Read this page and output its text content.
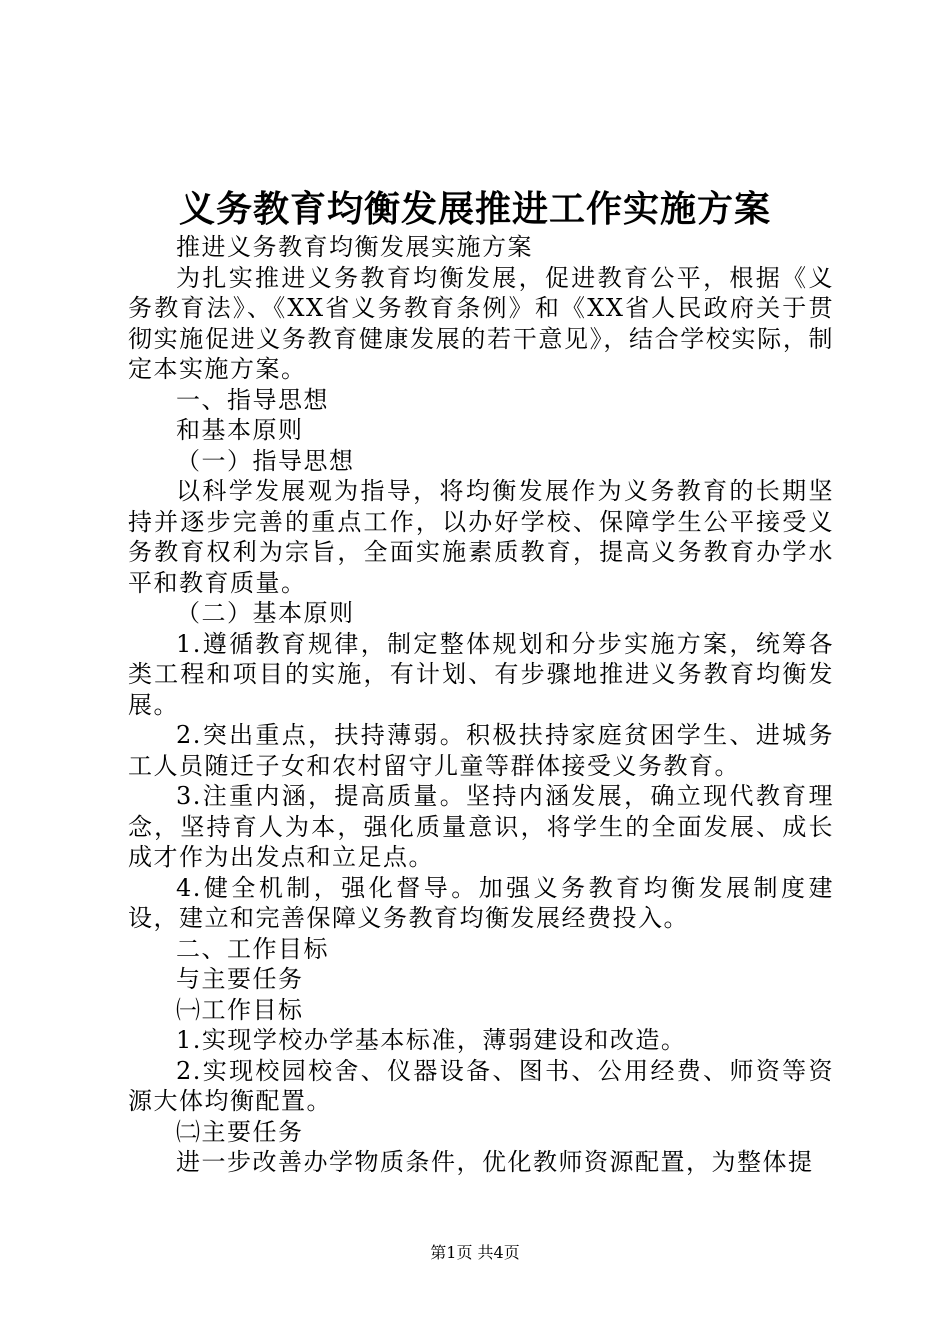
义务教育均衡发展推进工作实施方案

推进义务教育均衡发展实施方案

为扎实推进义务教育均衡发展，促进教育公平，根据《义务教育法》、《XX省义务教育条例》和《XX省人民政府关于贯彻实施促进义务教育健康发展的若干意见》，结合学校实际，制定本实施方案。

一、指导思想

和基本原则

（一）指导思想

以科学发展观为指导，将均衡发展作为义务教育的长期坚持并逐步完善的重点工作，以办好学校、保障学生公平接受义务教育权利为宗旨，全面实施素质教育，提高义务教育办学水平和教育质量。

（二）基本原则

1.遵循教育规律，制定整体规划和分步实施方案，统筹各类工程和项目的实施，有计划、有步骤地推进义务教育均衡发展。

2.突出重点，扶持薄弱。积极扶持家庭贫困学生、进城务工人员随迁子女和农村留守儿童等群体接受义务教育。

3.注重内涵，提高质量。坚持内涵发展，确立现代教育理念，坚持育人为本，强化质量意识，将学生的全面发展、成长成才作为出发点和立足点。

4.健全机制，强化督导。加强义务教育均衡发展制度建设，建立和完善保障义务教育均衡发展经费投入。

二、工作目标

与主要任务

㈠工作目标

1.实现学校办学基本标准，薄弱建设和改造。

2.实现校园校舍、仪器设备、图书、公用经费、师资等资源大体均衡配置。

㈡主要任务

进一步改善办学物质条件，优化教师资源配置，为整体提

第1页 共4页
